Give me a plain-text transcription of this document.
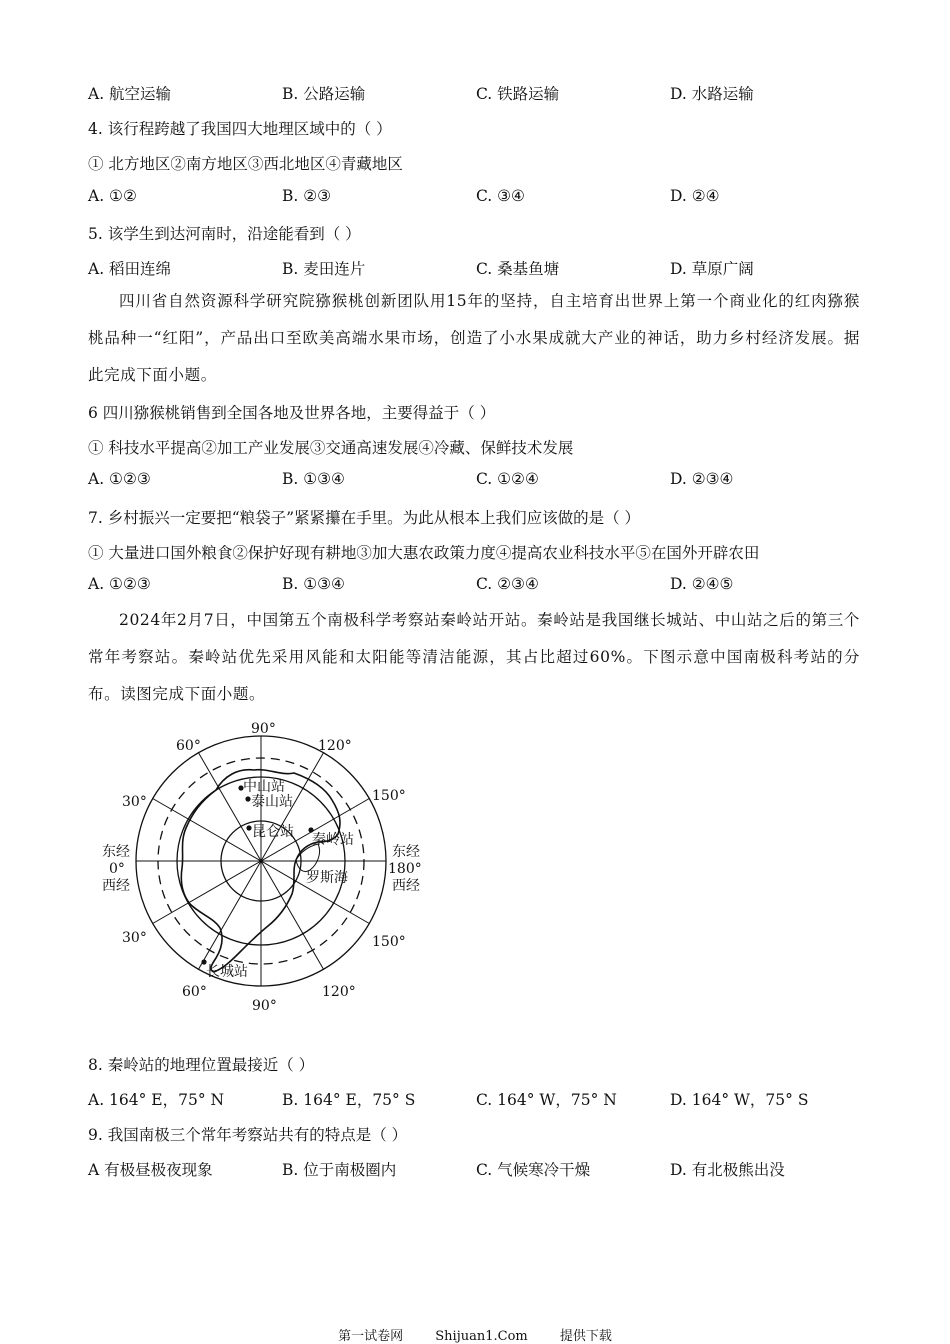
A. 航空运输	B. 公路运输	C. 铁路运输	D. 水路运输
4. 该行程跨越了我国四大地理区域中的（ ）
① 北方地区②南方地区③西北地区④青藏地区
A. ①②	B. ②③	C. ③④	D. ②④
5. 该学生到达河南时，沿途能看到（ ）
A. 稻田连绵	B. 麦田连片	C. 桑基鱼塘	D. 草原广阔
四川省自然资源科学研究院猕猴桃创新团队用15年的坚持，自主培育出世界上第一个商业化的红肉猕猴桃品种一“红阳”，产品出口至欧美高端水果市场，创造了小水果成就大产业的神话，助力乡村经济发展。据此完成下面小题。
6 四川猕猴桃销售到全国各地及世界各地，主要得益于（ ）
① 科技水平提高②加工产业发展③交通高速发展④冷藏、保鲜技术发展
A. ①②③	B. ①③④	C. ①②④	D. ②③④
7. 乡村振兴一定要把“粮袋子”紧紧攥在手里。为此从根本上我们应该做的是（ ）
① 大量进口国外粮食②保护好现有耕地③加大惠农政策力度④提高农业科技水平⑤在国外开辟农田
A. ①②③	B. ①③④	C. ②③④	D. ②④⑤
2024年2月7日，中国第五个南极科学考察站秦岭站开站。秦岭站是我国继长城站、中山站之后的第三个常年考察站。秦岭站优先采用风能和太阳能等清洁能源，其占比超过60%。下图示意中国南极科考站的分布。读图完成下面小题。
90°
60°	120°
30°	150°
东经
0°
西经
东经
180°
西经
30°	150°
60°	120°
90°
中山站
泰山站
昆仑站 秦岭站
罗斯海
长城站
8. 秦岭站的地理位置最接近（ ）
A. 164° E，75° N	B. 164° E，75° S	C. 164° W，75° N	D. 164° W，75° S
9. 我国南极三个常年考察站共有的特点是（ ）
A 有极昼极夜现象	B. 位于南极圈内	C. 气候寒冷干燥	D. 有北极熊出没
第一试卷网 Shijuan1.Com 提供下载
